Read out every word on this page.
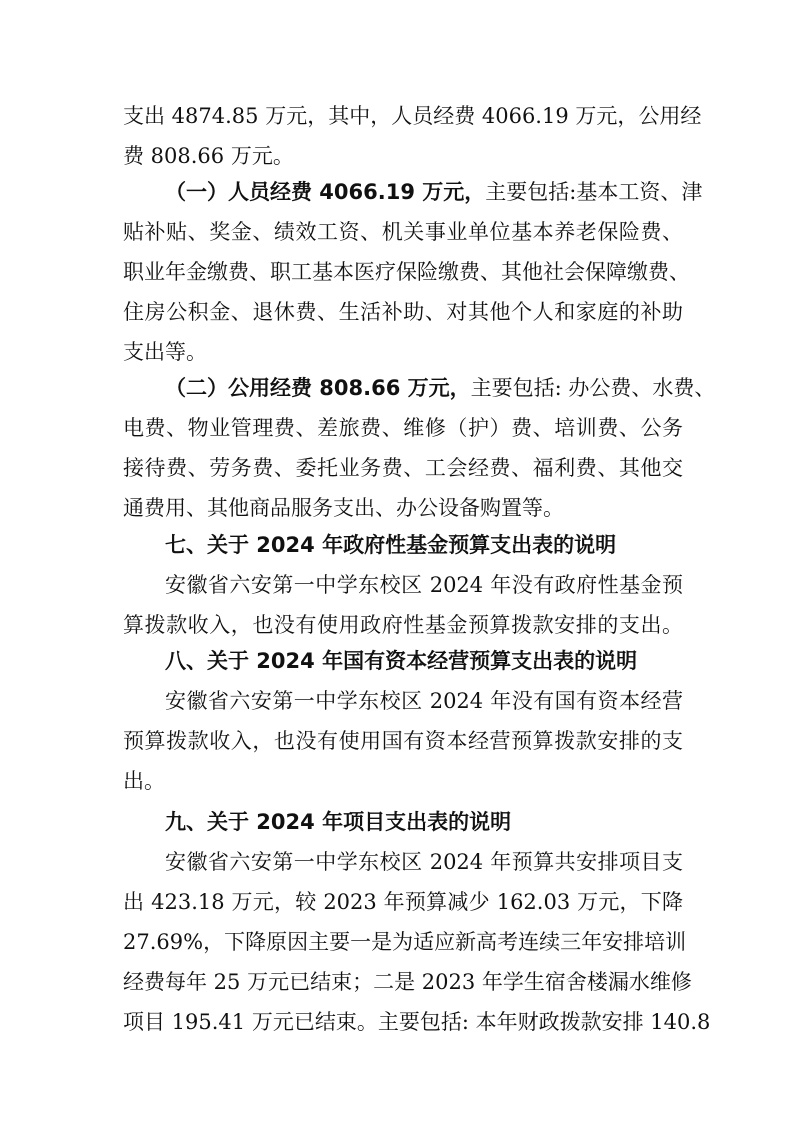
支出 4874.85 万元，其中，人员经费 4066.19 万元，公用经
费 808.66 万元。
（一）人员经费 4066.19 万元，主要包括:基本工资、津
贴补贴、奖金、绩效工资、机关事业单位基本养老保险费、
职业年金缴费、职工基本医疗保险缴费、其他社会保障缴费、
住房公积金、退休费、生活补助、对其他个人和家庭的补助
支出等。
（二）公用经费 808.66 万元，主要包括: 办公费、水费、
电费、物业管理费、差旅费、维修（护）费、培训费、公务
接待费、劳务费、委托业务费、工会经费、福利费、其他交
通费用、其他商品服务支出、办公设备购置等。
七、关于 2024 年政府性基金预算支出表的说明
安徽省六安第一中学东校区 2024 年没有政府性基金预
算拨款收入，也没有使用政府性基金预算拨款安排的支出。
八、关于 2024 年国有资本经营预算支出表的说明
安徽省六安第一中学东校区 2024 年没有国有资本经营
预算拨款收入，也没有使用国有资本经营预算拨款安排的支
出。
九、关于 2024 年项目支出表的说明
安徽省六安第一中学东校区 2024 年预算共安排项目支
出 423.18 万元，较 2023 年预算减少 162.03 万元，下降
27.69%，下降原因主要一是为适应新高考连续三年安排培训
经费每年 25 万元已结束；二是 2023 年学生宿舍楼漏水维修
项目 195.41 万元已结束。主要包括: 本年财政拨款安排 140.8
